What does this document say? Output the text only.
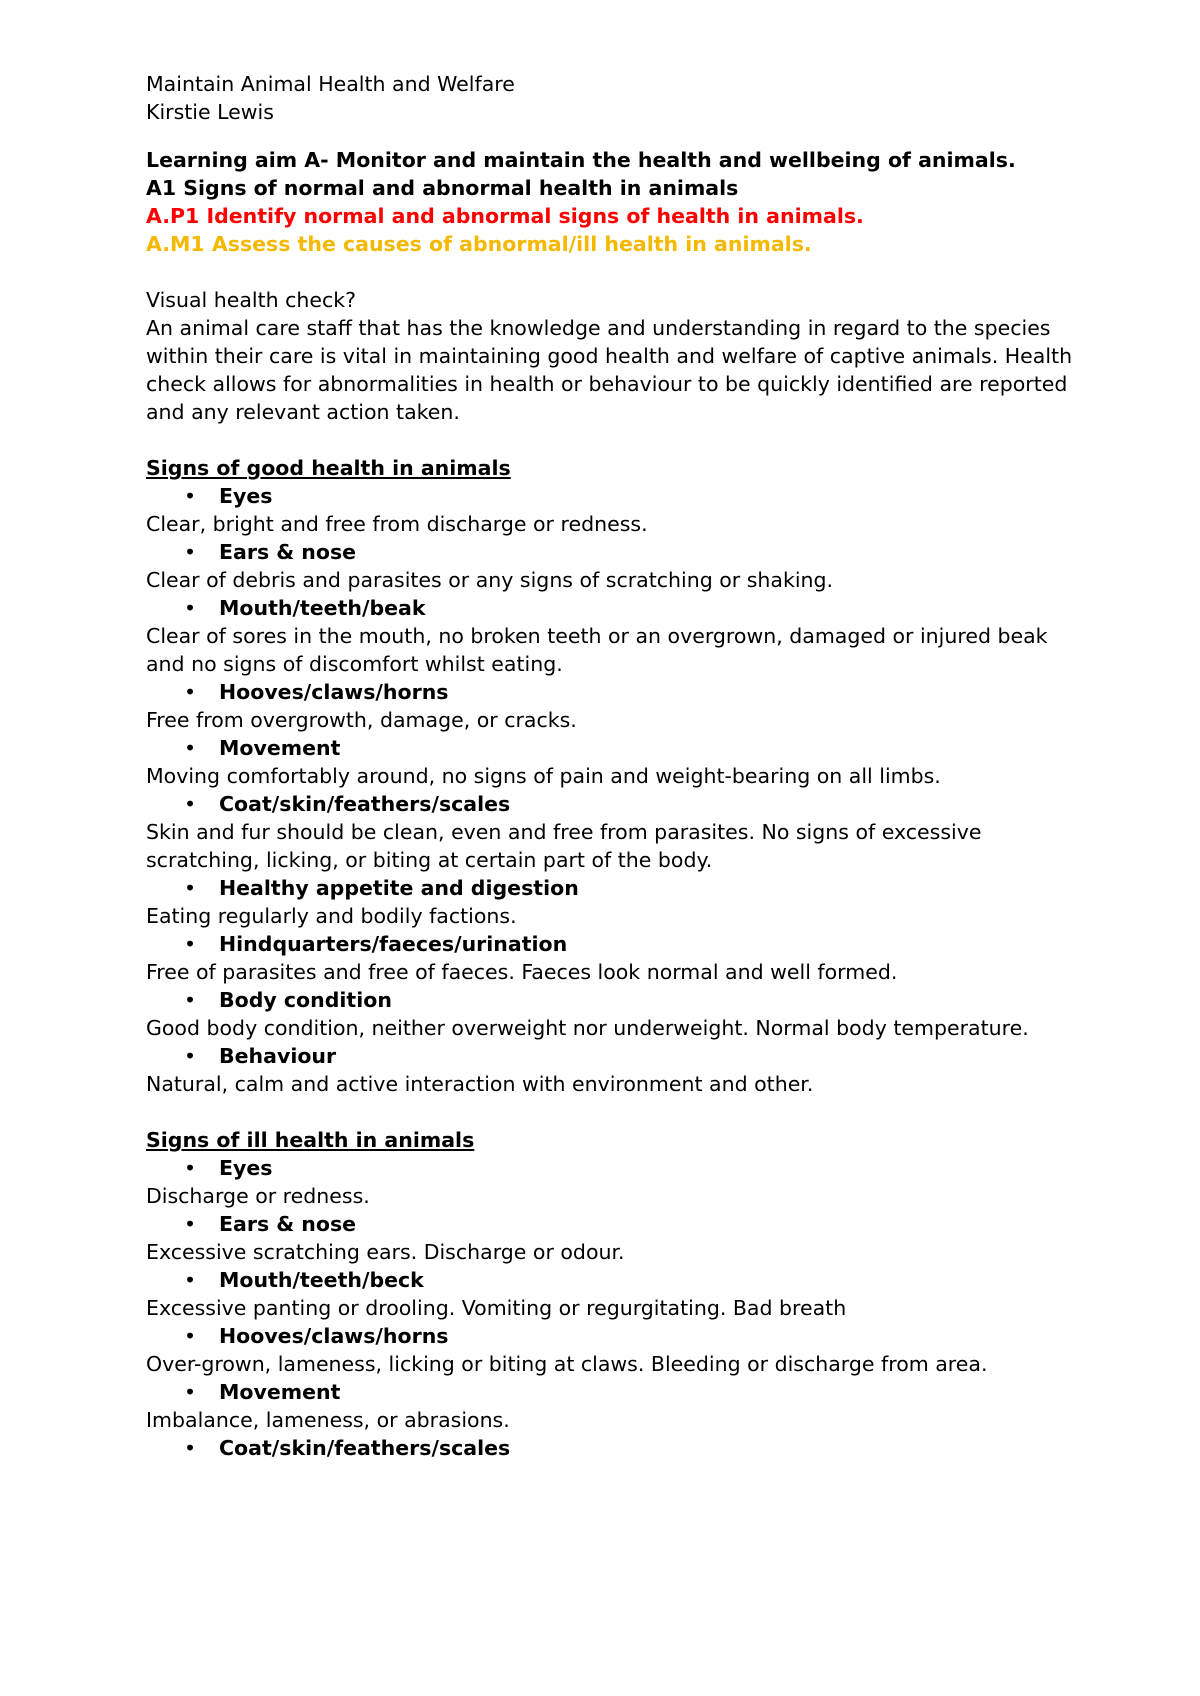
Maintain Animal Health and Welfare

Kirstie Lewis

Learning aim A- Monitor and maintain the health and wellbeing of animals.

A1 Signs of normal and abnormal health in animals

A.P1 Identify normal and abnormal signs of health in animals.

A.M1 Assess the causes of abnormal/ill health in animals.

Visual health check?

An animal care staff that has the knowledge and understanding in regard to the species within their care is vital in maintaining good health and welfare of captive animals. Health check allows for abnormalities in health or behaviour to be quickly identified are reported and any relevant action taken.

Signs of good health in animals

• Eyes

Clear, bright and free from discharge or redness.

• Ears & nose

Clear of debris and parasites or any signs of scratching or shaking.

• Mouth/teeth/beak

Clear of sores in the mouth, no broken teeth or an overgrown, damaged or injured beak and no signs of discomfort whilst eating.

• Hooves/claws/horns

Free from overgrowth, damage, or cracks.

• Movement

Moving comfortably around, no signs of pain and weight-bearing on all limbs.

• Coat/skin/feathers/scales

Skin and fur should be clean, even and free from parasites. No signs of excessive scratching, licking, or biting at certain part of the body.

• Healthy appetite and digestion

Eating regularly and bodily factions.

• Hindquarters/faeces/urination

Free of parasites and free of faeces. Faeces look normal and well formed.

• Body condition

Good body condition, neither overweight nor underweight. Normal body temperature.

• Behaviour

Natural, calm and active interaction with environment and other.

Signs of ill health in animals

• Eyes

Discharge or redness.

• Ears & nose

Excessive scratching ears. Discharge or odour.

• Mouth/teeth/beck

Excessive panting or drooling. Vomiting or regurgitating. Bad breath

• Hooves/claws/horns

Over-grown, lameness, licking or biting at claws. Bleeding or discharge from area.

• Movement

Imbalance, lameness, or abrasions.

• Coat/skin/feathers/scales
